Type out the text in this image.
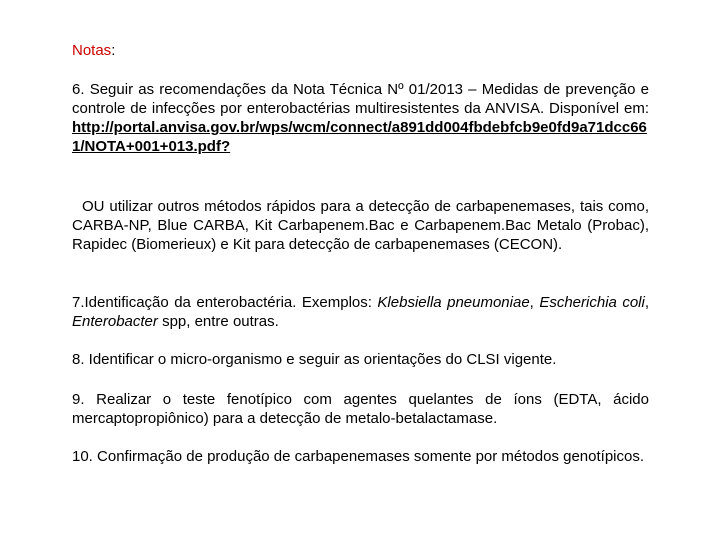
Notas:
6. Seguir as recomendações da Nota Técnica Nº 01/2013 – Medidas de prevenção e controle de infecções por enterobactérias multiresistentes da ANVISA. Disponível em: http://portal.anvisa.gov.br/wps/wcm/connect/a891dd004fbdebfcb9e0fd9a71dcc661/NOTA+001+013.pdf?
OU utilizar outros métodos rápidos para a detecção de carbapenemases, tais como, CARBA-NP, Blue CARBA, Kit Carbapenem.Bac e Carbapenem.Bac Metalo (Probac), Rapidec (Biomerieux) e Kit para detecção de carbapenemases (CECON).
7.Identificação da enterobactéria. Exemplos: Klebsiella pneumoniae, Escherichia coli, Enterobacter spp, entre outras.
8. Identificar o micro-organismo e seguir as orientações do CLSI vigente.
9. Realizar o teste fenotípico com agentes quelantes de íons (EDTA, ácido mercaptopropiônico) para a detecção de metalo-betalactamase.
10. Confirmação de produção de carbapenemases somente por métodos genotípicos.
